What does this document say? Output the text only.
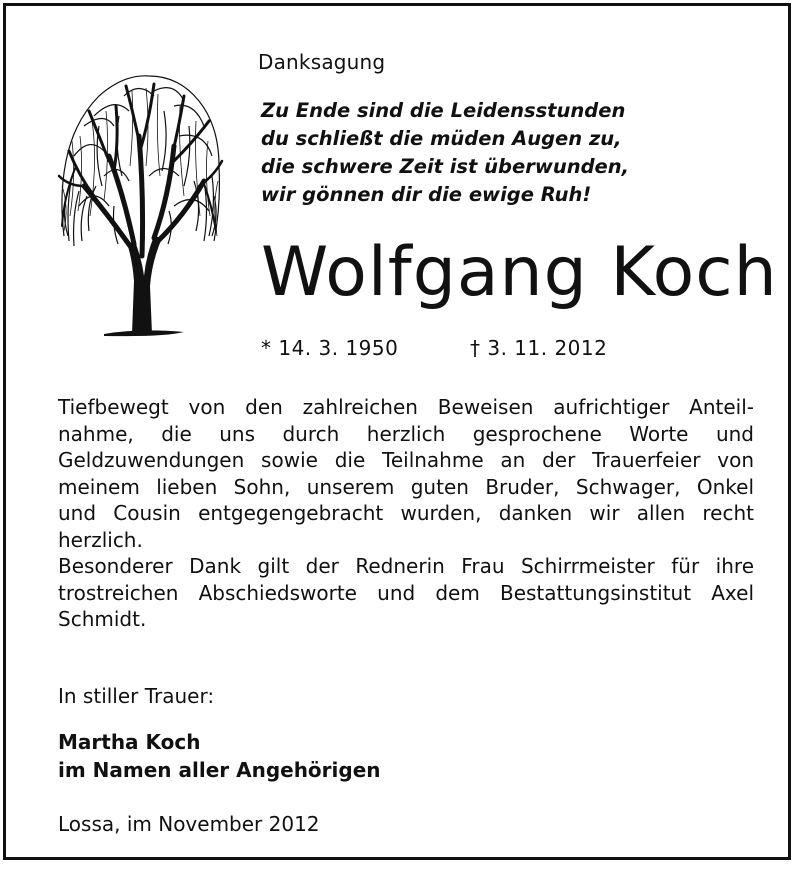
Danksagung
Zu Ende sind die Leidensstunden
du schließt die müden Augen zu,
die schwere Zeit ist überwunden,
wir gönnen dir die ewige Ruh!
Wolfgang Koch
* 14. 3. 1950	† 3. 11. 2012
Tiefbewegt von den zahlreichen Beweisen aufrichtiger Anteil-
nahme, die uns durch herzlich gesprochene Worte und
Geldzuwendungen sowie die Teilnahme an der Trauerfeier von
meinem lieben Sohn, unserem guten Bruder, Schwager, Onkel
und Cousin entgegengebracht wurden, danken wir allen recht
herzlich.
Besonderer Dank gilt der Rednerin Frau Schirrmeister für ihre
trostreichen Abschiedsworte und dem Bestattungsinstitut Axel
Schmidt.
In stiller Trauer:
Martha Koch
im Namen aller Angehörigen
Lossa, im November 2012
